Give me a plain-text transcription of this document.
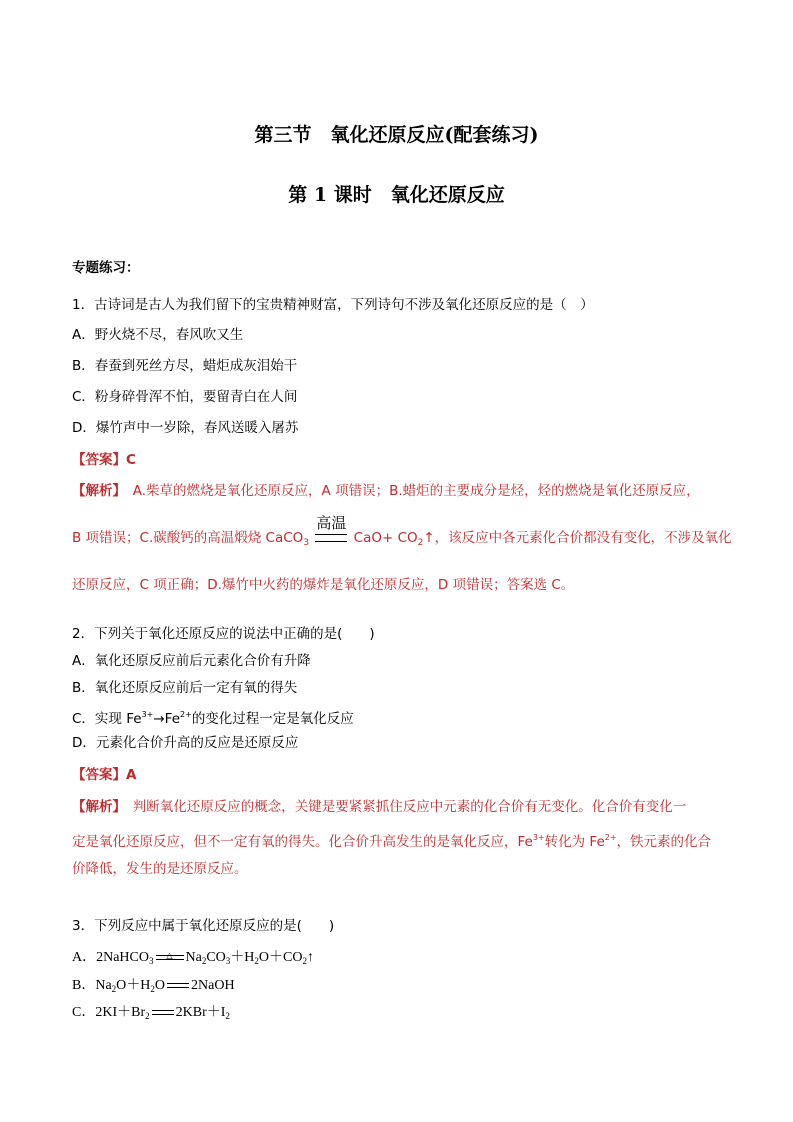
第三节　氧化还原反应(配套练习)
第 1 课时　氧化还原反应
专题练习：
1．古诗词是古人为我们留下的宝贵精神财富，下列诗句不涉及氧化还原反应的是（　）
A．野火烧不尽，春风吹又生
B．春蚕到死丝方尽，蜡炬成灰泪始干
C．粉身碎骨浑不怕，要留青白在人间
D．爆竹声中一岁除，春风送暖入屠苏
【答案】C
【解析】　A.柴草的燃烧是氧化还原反应，A 项错误；B.蜡炬的主要成分是烃，烃的燃烧是氧化还原反应，
B 项错误；C.碳酸钙的高温煅烧 CaCO$_3$
高温
$CaO+ CO_2↑$，该反应中各元素化合价都没有变化，不涉及氧化
还原反应，C 项正确；D.爆竹中火药的爆炸是氧化还原反应，D 项错误；答案选 C。
2．下列关于氧化还原反应的说法中正确的是(　　)
A．氧化还原反应前后元素化合价有升降
B．氧化还原反应前后一定有氧的得失
C．实现 $Fe^{3+}\to Fe^{2+}$的变化过程一定是氧化反应
D．元素化合价升高的反应是还原反应
【答案】A
【解析】　判断氧化还原反应的概念，关键是要紧紧抓住反应中元素的化合价有无变化。化合价有变化一
定是氧化还原反应，但不一定有氧的得失。化合价升高发生的是氧化反应，$Fe^{3+}$转化为 $Fe^{2+}$，铁元素的化合
价降低，发生的是还原反应。
3．下列反应中属于氧化还原反应的是(　　)
A．2NaHCO$_3$
△ $Na_2CO_3+H_2O+CO_2↑$
B．$Na_2O+H_2O$ 2NaOH
C．$2KI+Br_2$ $2KBr+I_2$
